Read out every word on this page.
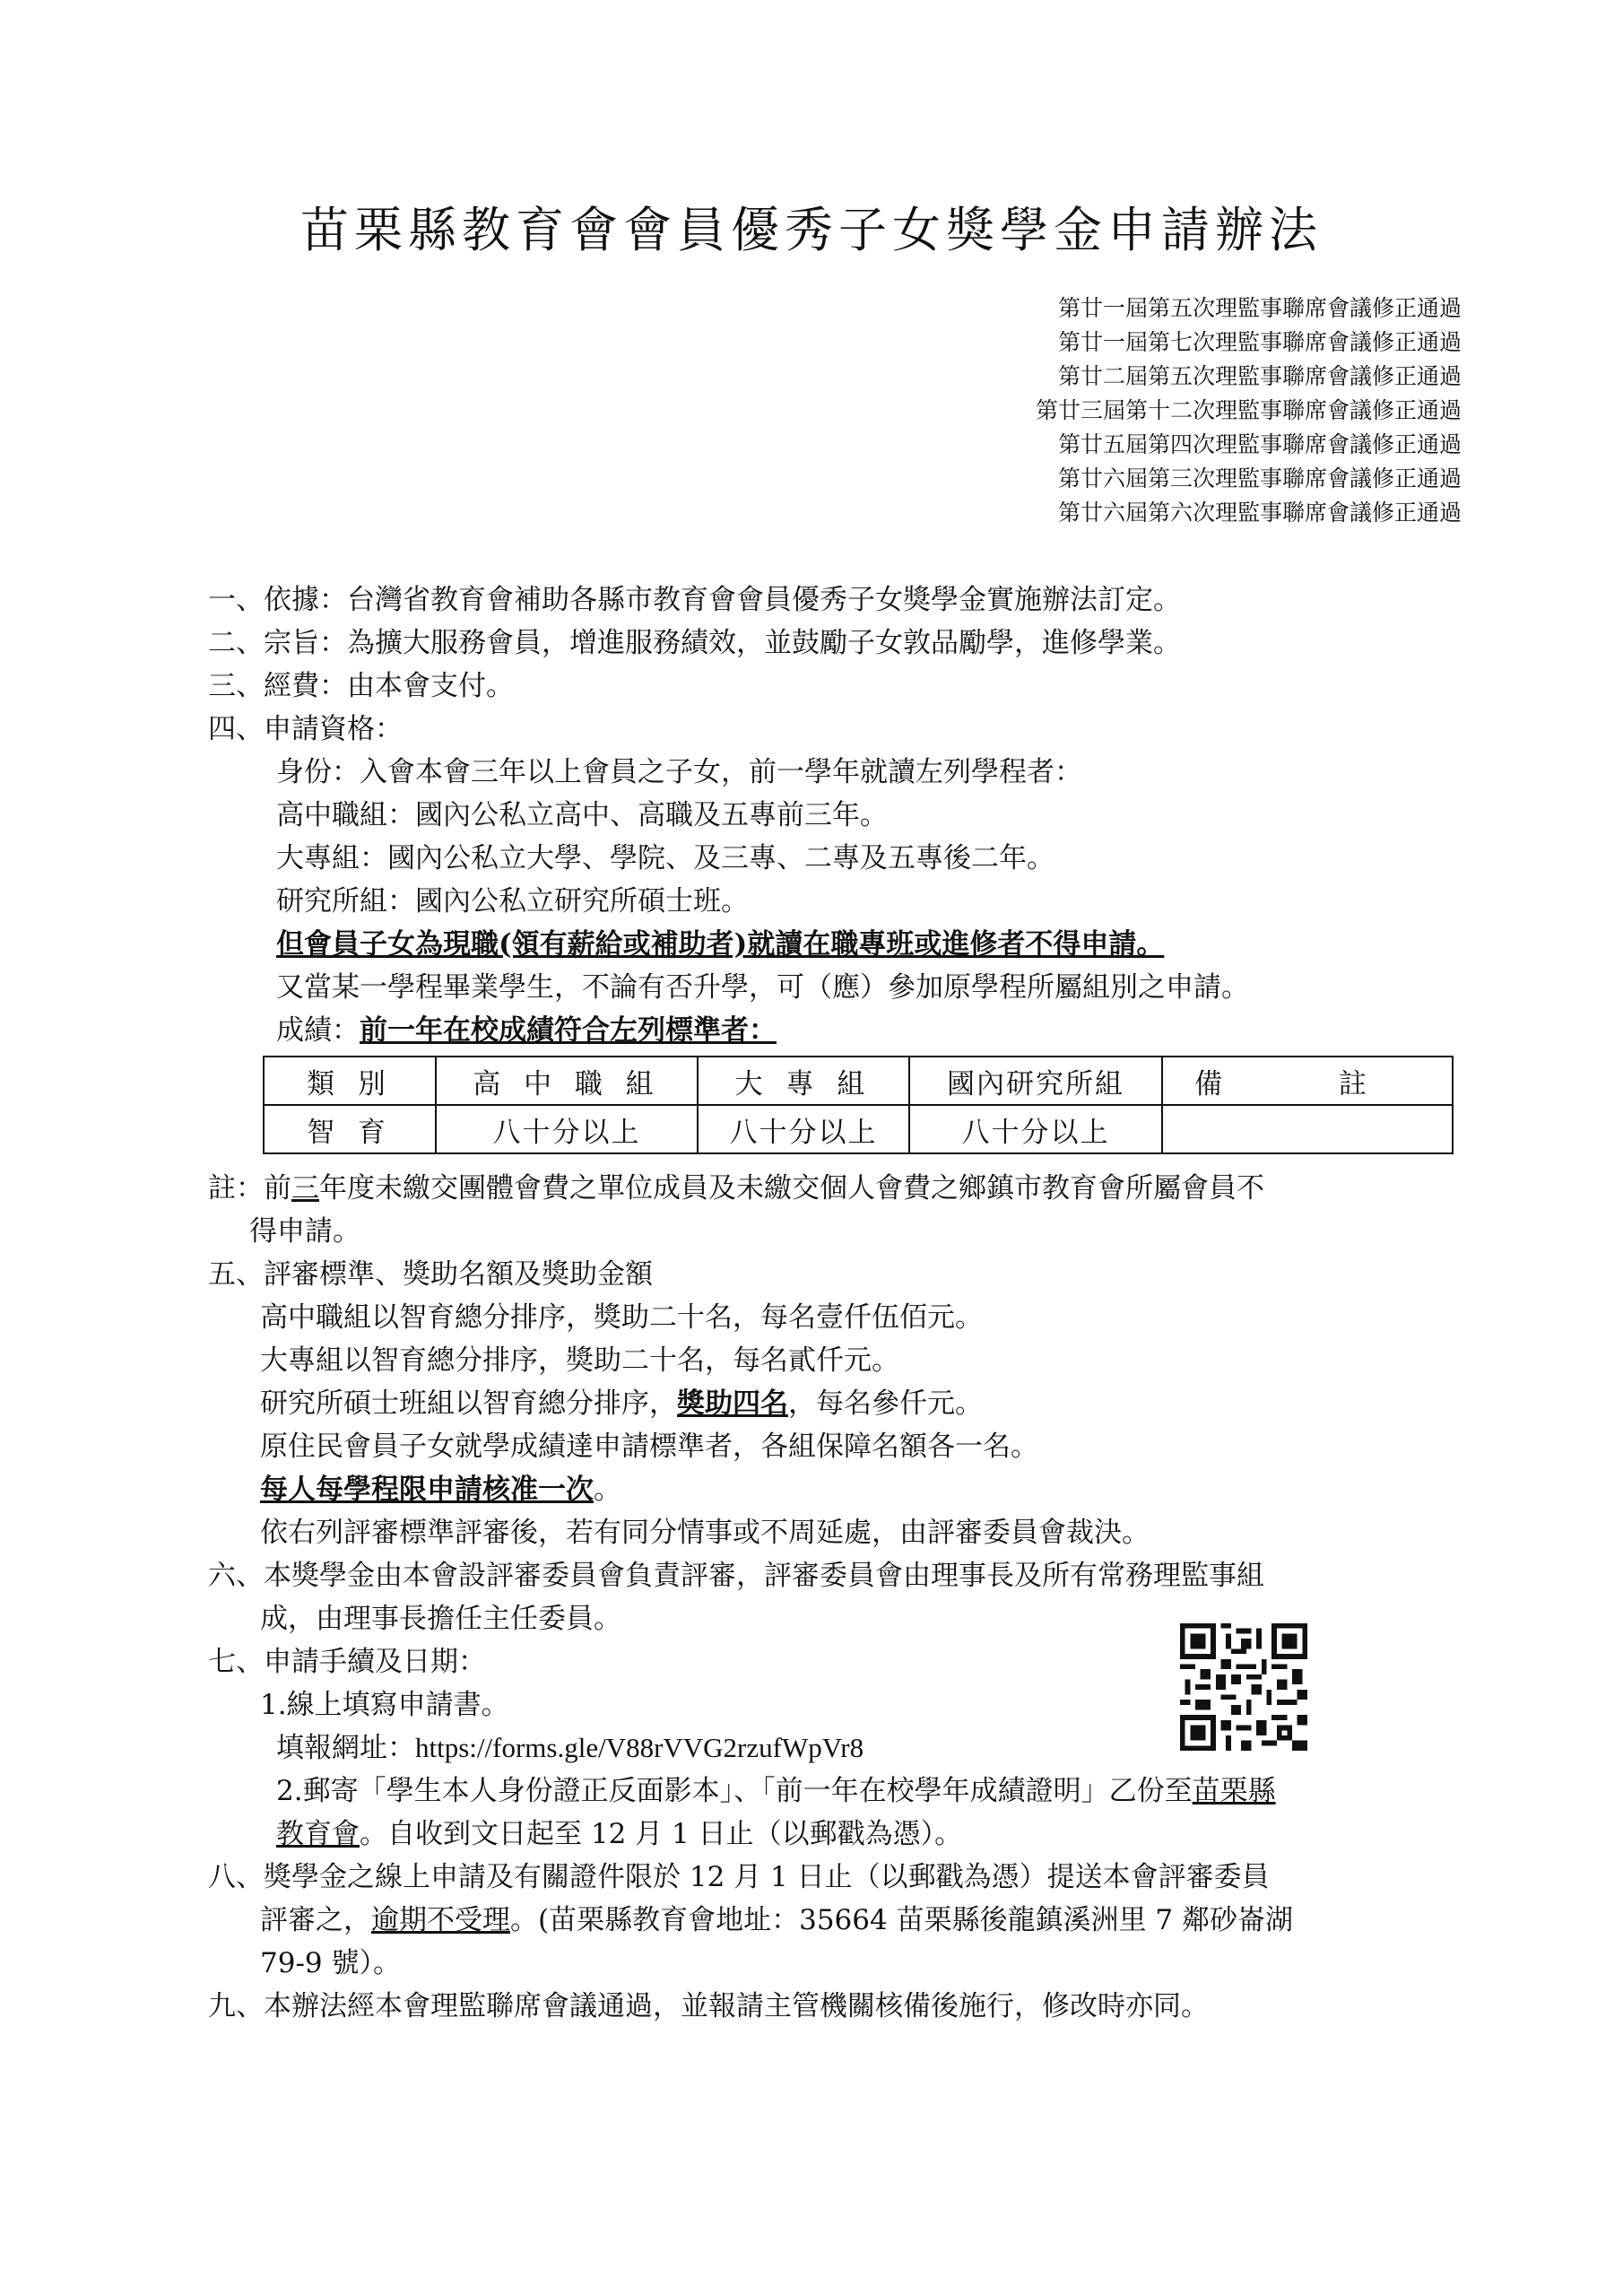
苗栗縣教育會會員優秀子女獎學金申請辦法
第廿一屆第五次理監事聯席會議修正通過
第廿一屆第七次理監事聯席會議修正通過
第廿二屆第五次理監事聯席會議修正通過
第廿三屆第十二次理監事聯席會議修正通過
第廿五屆第四次理監事聯席會議修正通過
第廿六屆第三次理監事聯席會議修正通過
第廿六屆第六次理監事聯席會議修正通過
一、依據：台灣省教育會補助各縣市教育會會員優秀子女獎學金實施辦法訂定。
二、宗旨：為擴大服務會員，增進服務績效，並鼓勵子女敦品勵學，進修學業。
三、經費：由本會支付。
四、申請資格：
身份：入會本會三年以上會員之子女，前一學年就讀左列學程者：
高中職組：國內公私立高中、高職及五專前三年。
大專組：國內公私立大學、學院、及三專、二專及五專後二年。
研究所組：國內公私立研究所碩士班。
但會員子女為現職(領有薪給或補助者)就讀在職專班或進修者不得申請。
又當某一學程畢業學生，不論有否升學，可（應）參加原學程所屬組別之申請。
成績：前一年在校成績符合左列標準者：
類 別	高 中 職 組	大 專 組	國內研究所組	備 註
智 育	八十分以上	八十分以上	八十分以上	
註：前三年度未繳交團體會費之單位成員及未繳交個人會費之鄉鎮市教育會所屬會員不
得申請。
五、評審標準、獎助名額及獎助金額
高中職組以智育總分排序，獎助二十名，每名壹仟伍佰元。
大專組以智育總分排序，獎助二十名，每名貳仟元。
研究所碩士班組以智育總分排序，獎助四名，每名參仟元。
原住民會員子女就學成績達申請標準者，各組保障名額各一名。
每人每學程限申請核准一次。
依右列評審標準評審後，若有同分情事或不周延處，由評審委員會裁決。
六、本獎學金由本會設評審委員會負責評審，評審委員會由理事長及所有常務理監事組
成，由理事長擔任主任委員。
七、申請手續及日期：
1.線上填寫申請書。
填報網址：https://forms.gle/V88rVVG2rzufWpVr8
2.郵寄「學生本人身份證正反面影本」、「前一年在校學年成績證明」乙份至苗栗縣
教育會。自收到文日起至 12 月 1 日止（以郵戳為憑）。
八、獎學金之線上申請及有關證件限於 12 月 1 日止（以郵戳為憑）提送本會評審委員
評審之，逾期不受理。(苗栗縣教育會地址：35664 苗栗縣後龍鎮溪洲里 7 鄰砂崙湖
79-9 號）。
九、本辦法經本會理監聯席會議通過，並報請主管機關核備後施行，修改時亦同。
